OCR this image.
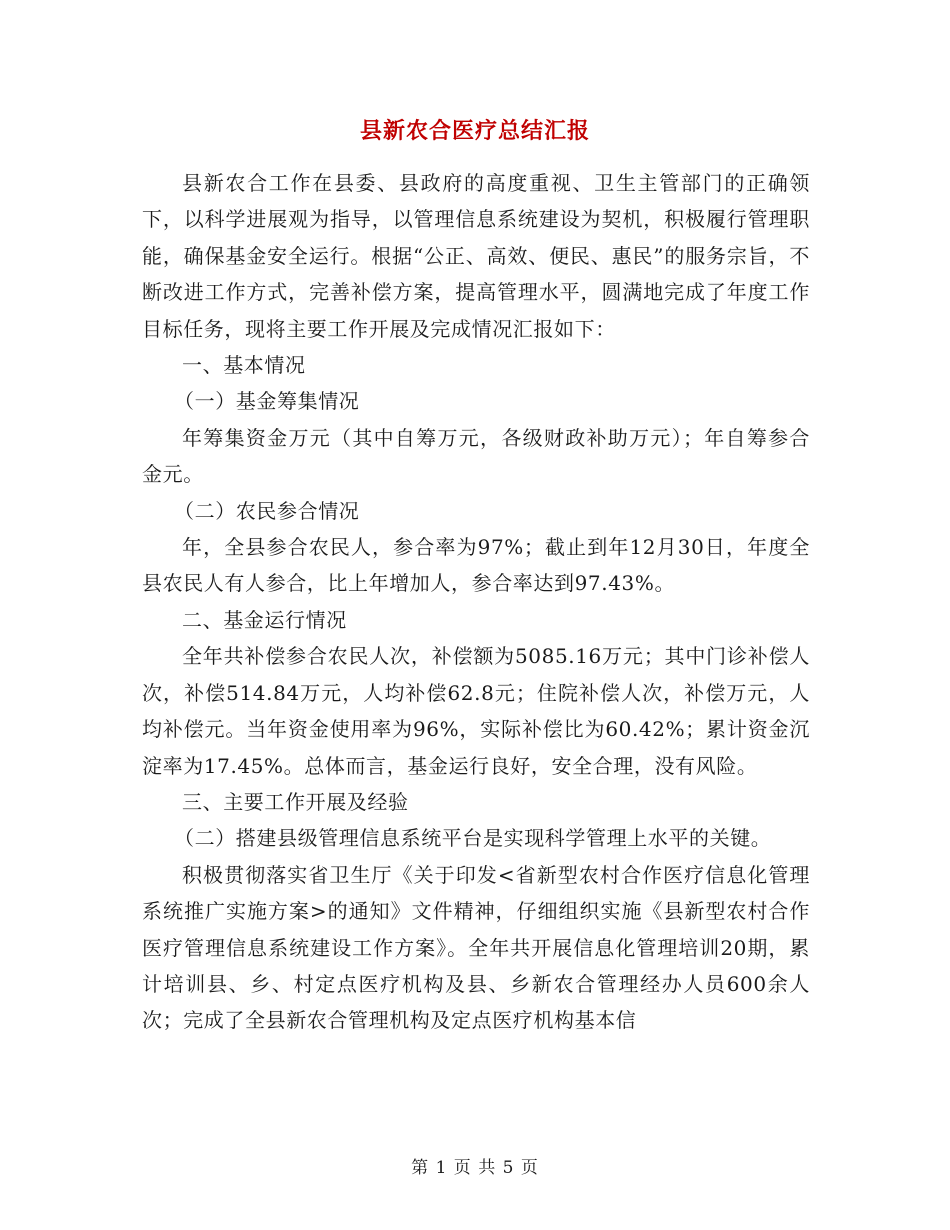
县新农合医疗总结汇报

县新农合工作在县委、县政府的高度重视、卫生主管部门的正确领下，以科学进展观为指导，以管理信息系统建设为契机，积极履行管理职能，确保基金安全运行。根据“公正、高效、便民、惠民”的服务宗旨，不断改进工作方式，完善补偿方案，提高管理水平，圆满地完成了年度工作目标任务，现将主要工作开展及完成情况汇报如下：

一、基本情况

（一）基金筹集情况

年筹集资金万元（其中自筹万元，各级财政补助万元）；年自筹参合金元。

（二）农民参合情况

年，全县参合农民人，参合率为97%；截止到年12月30日，年度全县农民人有人参合，比上年增加人，参合率达到97.43%。

二、基金运行情况

全年共补偿参合农民人次，补偿额为5085.16万元；其中门诊补偿人次，补偿514.84万元，人均补偿62.8元；住院补偿人次，补偿万元，人均补偿元。当年资金使用率为96%，实际补偿比为60.42%；累计资金沉淀率为17.45%。总体而言，基金运行良好，安全合理，没有风险。

三、主要工作开展及经验

（二）搭建县级管理信息系统平台是实现科学管理上水平的关键。

积极贯彻落实省卫生厅《关于印发<省新型农村合作医疗信息化管理系统推广实施方案>的通知》文件精神，仔细组织实施《县新型农村合作医疗管理信息系统建设工作方案》。全年共开展信息化管理培训20期，累计培训县、乡、村定点医疗机构及县、乡新农合管理经办人员600余人次；完成了全县新农合管理机构及定点医疗机构基本信

第 1 页 共 5 页
